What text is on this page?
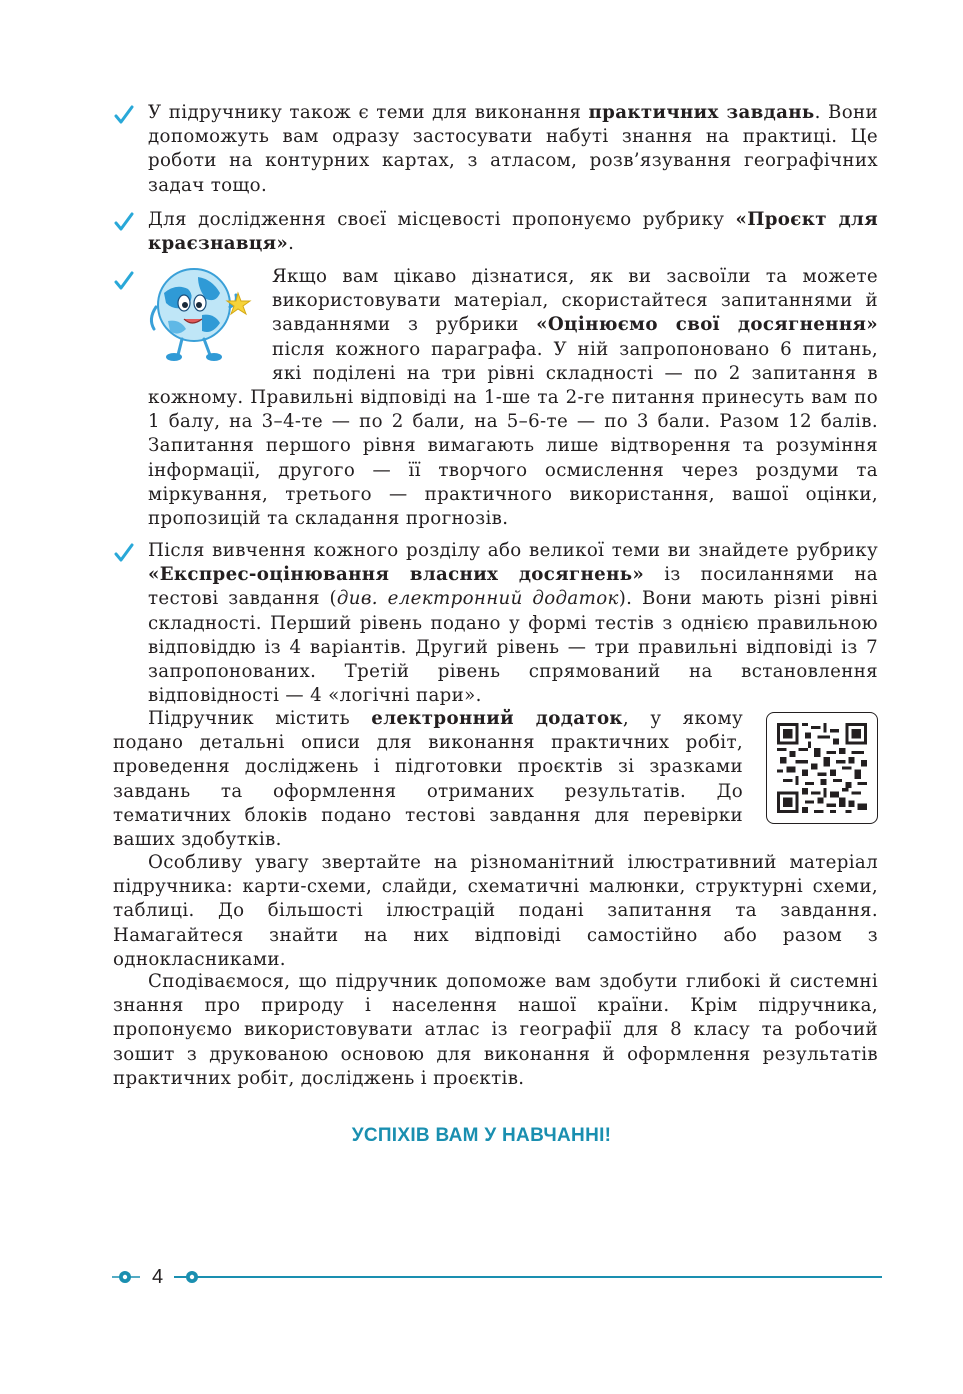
У підручнику також є теми для виконання практичних завдань. Вони допоможуть вам одразу застосувати набуті знання на практиці. Це роботи на контурних картах, з атласом, розв’язування географічних задач тощо.
Для дослідження своєї місцевості пропонуємо рубрику «Проєкт для краєзнавця».
Якщо вам цікаво дізнатися, як ви засвоїли та можете використовувати матеріал, скористайтеся запитаннями й завданнями з рубрики «Оцінюємо свої досягнення» після кожного параграфа. У ній запропоновано 6 питань, які поділені на три рівні складності — по 2 запитання в кожному. Правильні відповіді на 1-ше та 2-ге питання принесуть вам по 1 балу, на 3–4-те — по 2 бали, на 5–6-те — по 3 бали. Разом 12 балів. Запитання першого рівня вимагають лише відтворення та розуміння інформації, другого — її творчого осмислення через роздуми та міркування, третього — практичного використання, вашої оцінки, пропозицій та складання прогнозів.
Після вивчення кожного розділу або великої теми ви знайдете рубрику «Експрес-оцінювання власних досягнень» із посиланнями на тестові завдання (див. електронний додаток). Вони мають різні рівні складності. Перший рівень подано у формі тестів з однією правильною відповіддю із 4 варіантів. Другий рівень — три правильні відповіді із 7 запропонованих. Третій рівень спрямований на встановлення відповідності — 4 «логічні пари».
Підручник містить електронний додаток, у якому подано детальні описи для виконання практичних робіт, проведення досліджень і підготовки проєктів зі зразками завдань та оформлення отриманих результатів. До тематичних блоків подано тестові завдання для перевірки ваших здобутків.
Особливу увагу звертайте на різноманітний ілюстративний матеріал підручника: карти-схеми, слайди, схематичні малюнки, структурні схеми, таблиці. До більшості ілюстрацій подані запитання та завдання. Намагайтеся знайти на них відповіді самостійно або разом з однокласниками.
Сподіваємося, що підручник допоможе вам здобути глибокі й системні знання про природу і населення нашої країни. Крім підручника, пропонуємо використовувати атлас із географії для 8 класу та робочий зошит з друкованою основою для виконання й оформлення результатів практичних робіт, досліджень і проєктів.
УСПІХІВ ВАМ У НАВЧАННІ!
4
